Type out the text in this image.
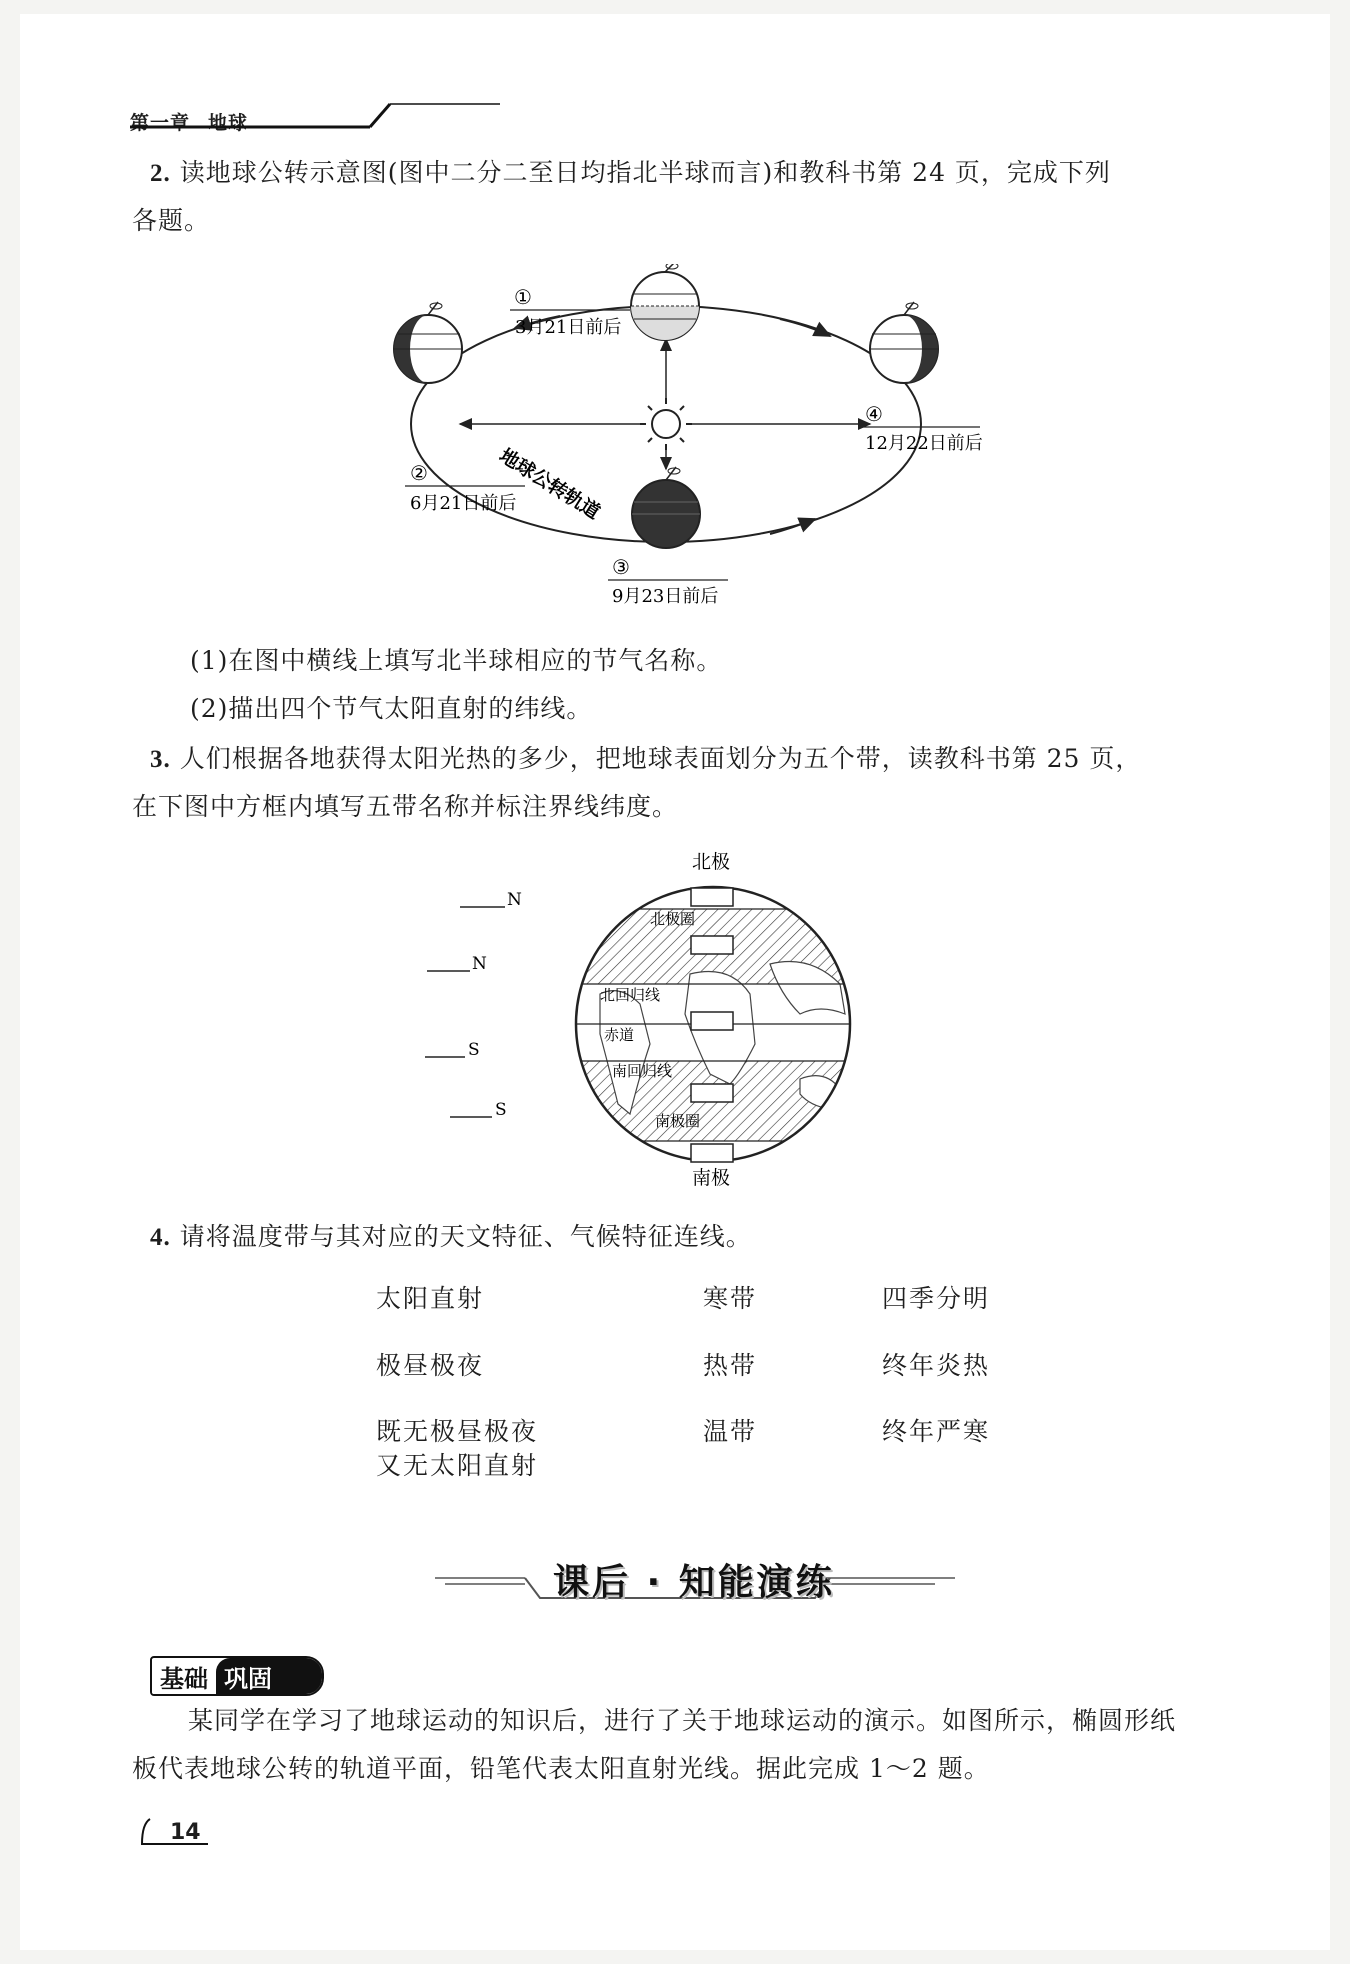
第一章 地球
2. 读地球公转示意图(图中二分二至日均指北半球而言)和教科书第 24 页，完成下列
各题。
①
3月21日前后
②
6月21日前后
③
9月23日前后
④
12月22日前后
地球公转轨道
(1)在图中横线上填写北半球相应的节气名称。
(2)描出四个节气太阳直射的纬线。
3. 人们根据各地获得太阳光热的多少，把地球表面划分为五个带，读教科书第 25 页，
在下图中方框内填写五带名称并标注界线纬度。
北极
北极圈
北回归线
赤道
南回归线
南极圈
南极
N
N
S
S
4. 请将温度带与其对应的天文特征、气候特征连线。
太阳直射
极昼极夜
既无极昼极夜
又无太阳直射
寒带
热带
温带
四季分明
终年炎热
终年严寒
课后 · 知能演练
基础 巩固
某同学在学习了地球运动的知识后，进行了关于地球运动的演示。如图所示，椭圆形纸
板代表地球公转的轨道平面，铅笔代表太阳直射光线。据此完成 1～2 题。
14
